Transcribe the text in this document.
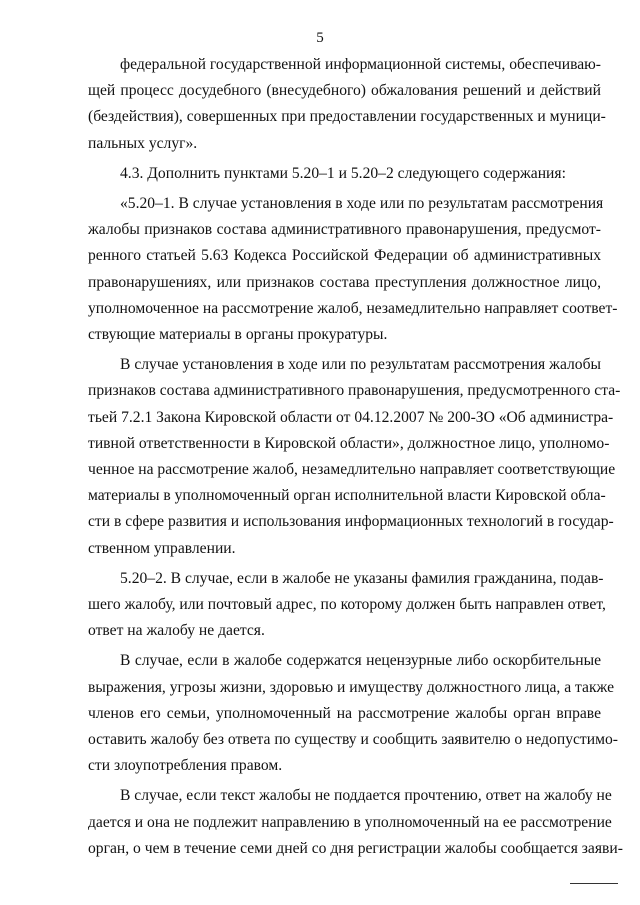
5

федеральной государственной информационной системы, обеспечиваю-
щей процесс досудебного (внесудебного) обжалования решений и действий
(бездействия), совершенных при предоставлении государственных и муници-
пальных услуг».

4.3. Дополнить пунктами 5.20–1 и 5.20–2 следующего содержания:

«5.20–1. В случае установления в ходе или по результатам рассмотрения
жалобы признаков состава административного правонарушения, предусмот-
ренного статьей 5.63 Кодекса Российской Федерации об административных
правонарушениях, или признаков состава преступления должностное лицо,
уполномоченное на рассмотрение жалоб, незамедлительно направляет соответ-
ствующие материалы в органы прокуратуры.

В случае установления в ходе или по результатам рассмотрения жалобы
признаков состава административного правонарушения, предусмотренного ста-
тьей 7.2.1 Закона Кировской области от 04.12.2007 № 200-ЗО «Об администра-
тивной ответственности в Кировской области», должностное лицо, уполномо-
ченное на рассмотрение жалоб, незамедлительно направляет соответствующие
материалы в уполномоченный орган исполнительной власти Кировской обла-
сти в сфере развития и использования информационных технологий в государ-
ственном управлении.

5.20–2. В случае, если в жалобе не указаны фамилия гражданина, подав-
шего жалобу, или почтовый адрес, по которому должен быть направлен ответ,
ответ на жалобу не дается.

В случае, если в жалобе содержатся нецензурные либо оскорбительные
выражения, угрозы жизни, здоровью и имуществу должностного лица, а также
членов его семьи, уполномоченный на рассмотрение жалобы орган вправе
оставить жалобу без ответа по существу и сообщить заявителю о недопустимо-
сти злоупотребления правом.

В случае, если текст жалобы не поддается прочтению, ответ на жалобу не
дается и она не подлежит направлению в уполномоченный на ее рассмотрение
орган, о чем в течение семи дней со дня регистрации жалобы сообщается заяви-
